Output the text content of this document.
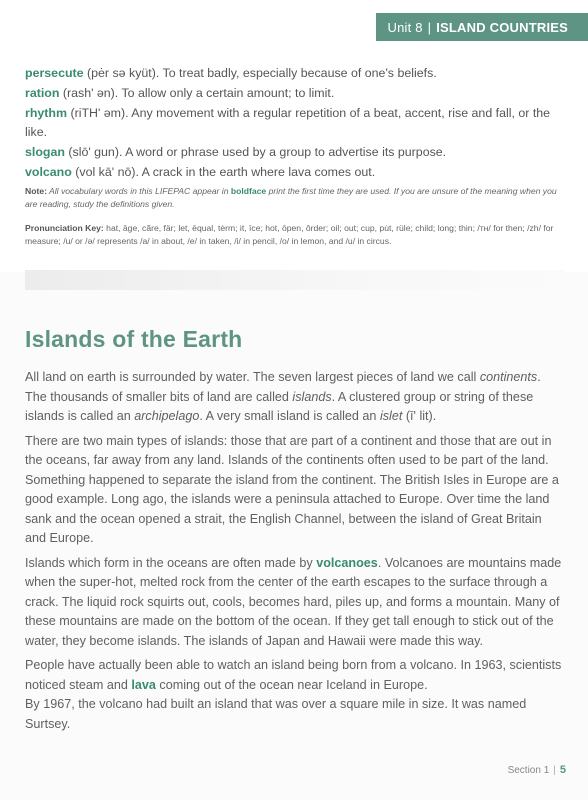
Unit 8 | ISLAND COUNTRIES

persecute (pėr sə kyüt). To treat badly, especially because of one's beliefs.

ration (rash' ən). To allow only a certain amount; to limit.

rhythm (riTH' əm). Any movement with a regular repetition of a beat, accent, rise and fall, or the like.

slogan (slō' gun). A word or phrase used by a group to advertise its purpose.

volcano (vol kā' nō). A crack in the earth where lava comes out.

Note: All vocabulary words in this LIFEPAC appear in boldface print the first time they are used. If you are unsure of the meaning when you are reading, study the definitions given.
Pronunciation Key: hat, āge, cãre, fär; let, ēqual, tėrm; it, īce; hot, ōpen, ôrder; oil; out; cup, pu̇t, rüle; child; long; thin; /ᴛʜ/ for then; /zh/ for measure; /u/ or /ə/ represents /a/ in about, /e/ in taken, /i/ in pencil, /o/ in lemon, and /u/ in circus.
Islands of the Earth

All land on earth is surrounded by water. The seven largest pieces of land we call continents. The thousands of smaller bits of land are called islands. A clustered group or string of these islands is called an archipelago. A very small island is called an islet (ī' lit).

There are two main types of islands: those that are part of a continent and those that are out in the oceans, far away from any land. Islands of the continents often used to be part of the land. Something happened to separate the island from the continent. The British Isles in Europe are a good example. Long ago, the islands were a peninsula attached to Europe. Over time the land sank and the ocean opened a strait, the English Channel, between the island of Great Britain and Europe.

Islands which form in the oceans are often made by volcanoes. Volcanoes are mountains made when the super-hot, melted rock from the center of the earth escapes to the surface through a crack. The liquid rock squirts out, cools, becomes hard, piles up, and forms a mountain. Many of these mountains are made on the bottom of the ocean. If they get tall enough to stick out of the water, they become islands. The islands of Japan and Hawaii were made this way.

People have actually been able to watch an island being born from a volcano. In 1963, scientists noticed steam and lava coming out of the ocean near Iceland in Europe.
By 1967, the volcano had built an island that was over a square mile in size. It was named Surtsey.

Section 1 | 5
